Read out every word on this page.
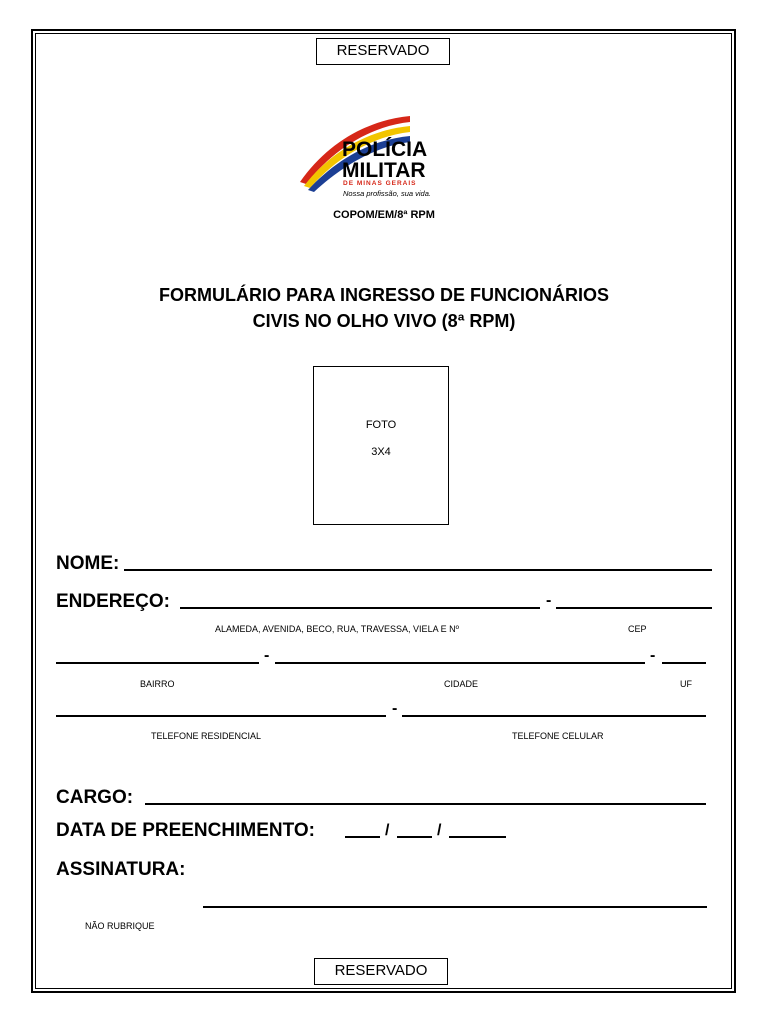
RESERVADO
POLÍCIA
MILITAR
DE MINAS GERAIS
Nossa profissão, sua vida.
COPOM/EM/8ª RPM
FORMULÁRIO PARA INGRESSO DE FUNCIONÁRIOS
CIVIS NO OLHO VIVO (8ª RPM)
FOTO
3X4
NOME:
ENDEREÇO:	-
ALAMEDA, AVENIDA, BECO, RUA, TRAVESSA, VIELA E Nº	CEP
-	-
BAIRRO	CIDADE	UF
-
TELEFONE RESIDENCIAL	TELEFONE CELULAR
CARGO:
DATA DE PREENCHIMENTO:	/	/
ASSINATURA:
NÃO RUBRIQUE
RESERVADO
